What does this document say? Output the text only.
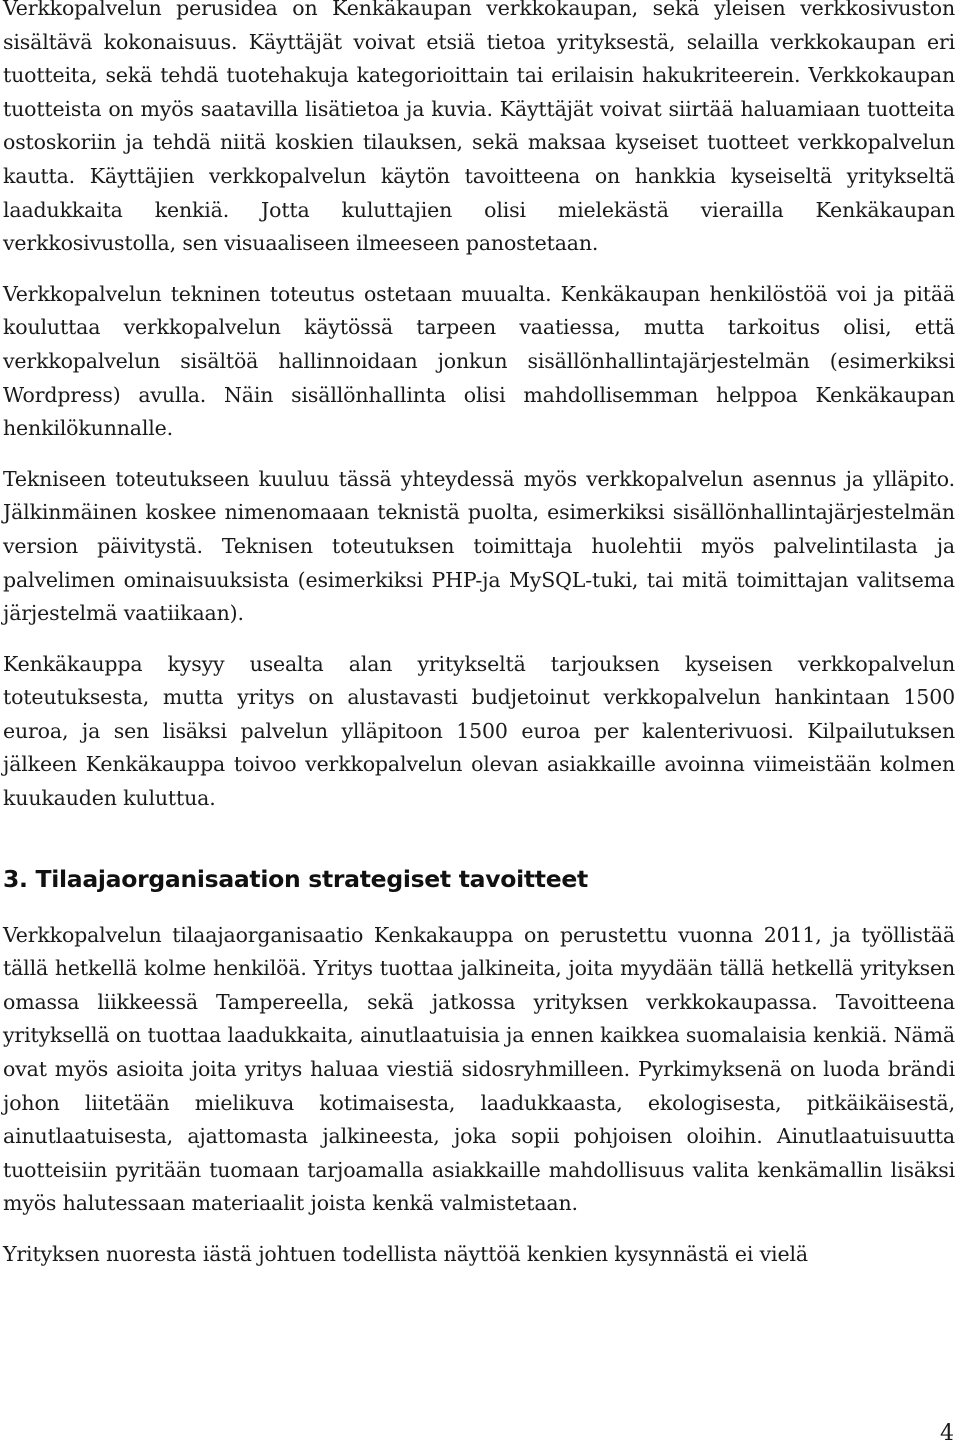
Verkkopalvelun perusidea on Kenkäkaupan verkkokaupan, sekä yleisen verkkosivuston sisältävä kokonaisuus. Käyttäjät voivat etsiä tietoa yrityksestä, selailla verkkokaupan eri tuotteita, sekä tehdä tuotehakuja kategorioittain tai erilaisin hakukriteerein. Verkkokaupan tuotteista on myös saatavilla lisätietoa ja kuvia. Käyttäjät voivat siirtää haluamiaan tuotteita ostoskoriin ja tehdä niitä koskien tilauksen, sekä maksaa kyseiset tuotteet verkkopalvelun kautta. Käyttäjien verkkopalvelun käytön tavoitteena on hankkia kyseiseltä yritykseltä laadukkaita kenkiä. Jotta kuluttajien olisi mielekästä vierailla Kenkäkaupan verkkosivustolla, sen visuaaliseen ilmeeseen panostetaan.

Verkkopalvelun tekninen toteutus ostetaan muualta. Kenkäkaupan henkilöstöä voi ja pitää kouluttaa verkkopalvelun käytössä tarpeen vaatiessa, mutta tarkoitus olisi, että verkkopalvelun sisältöä hallinnoidaan jonkun sisällönhallintajärjestelmän (esimerkiksi Wordpress) avulla. Näin sisällönhallinta olisi mahdollisemman helppoa Kenkäkaupan henkilökunnalle.

Tekniseen toteutukseen kuuluu tässä yhteydessä myös verkkopalvelun asennus ja ylläpito. Jälkinmäinen koskee nimenomaaan teknistä puolta, esimerkiksi sisällönhallintajärjestelmän version päivitystä. Teknisen toteutuksen toimittaja huolehtii myös palvelintilasta ja palvelimen ominaisuuksista (esimerkiksi PHP-ja MySQL-tuki, tai mitä toimittajan valitsema järjestelmä vaatiikaan).

Kenkäkauppa kysyy usealta alan yritykseltä tarjouksen kyseisen verkkopalvelun toteutuksesta, mutta yritys on alustavasti budjetoinut verkkopalvelun hankintaan 1500 euroa, ja sen lisäksi palvelun ylläpitoon 1500 euroa per kalenterivuosi. Kilpailutuksen jälkeen Kenkäkauppa toivoo verkkopalvelun olevan asiakkaille avoinna viimeistään kolmen kuukauden kuluttua.

3. Tilaajaorganisaation strategiset tavoitteet

Verkkopalvelun tilaajaorganisaatio Kenkakauppa on perustettu vuonna 2011, ja työllistää tällä hetkellä kolme henkilöä. Yritys tuottaa jalkineita, joita myydään tällä hetkellä yrityksen omassa liikkeessä Tampereella, sekä jatkossa yrityksen verkkokaupassa. Tavoitteena yrityksellä on tuottaa laadukkaita, ainutlaatuisia ja ennen kaikkea suomalaisia kenkiä. Nämä ovat myös asioita joita yritys haluaa viestiä sidosryhmilleen. Pyrkimyksenä on luoda brändi johon liitetään mielikuva kotimaisesta, laadukkaasta, ekologisesta, pitkäikäisestä, ainutlaatuisesta, ajattomasta jalkineesta, joka sopii pohjoisen oloihin. Ainutlaatuisuutta tuotteisiin pyritään tuomaan tarjoamalla asiakkaille mahdollisuus valita kenkämallin lisäksi myös halutessaan materiaalit joista kenkä valmistetaan.

Yrityksen nuoresta iästä johtuen todellista näyttöä kenkien kysynnästä ei vielä

4
